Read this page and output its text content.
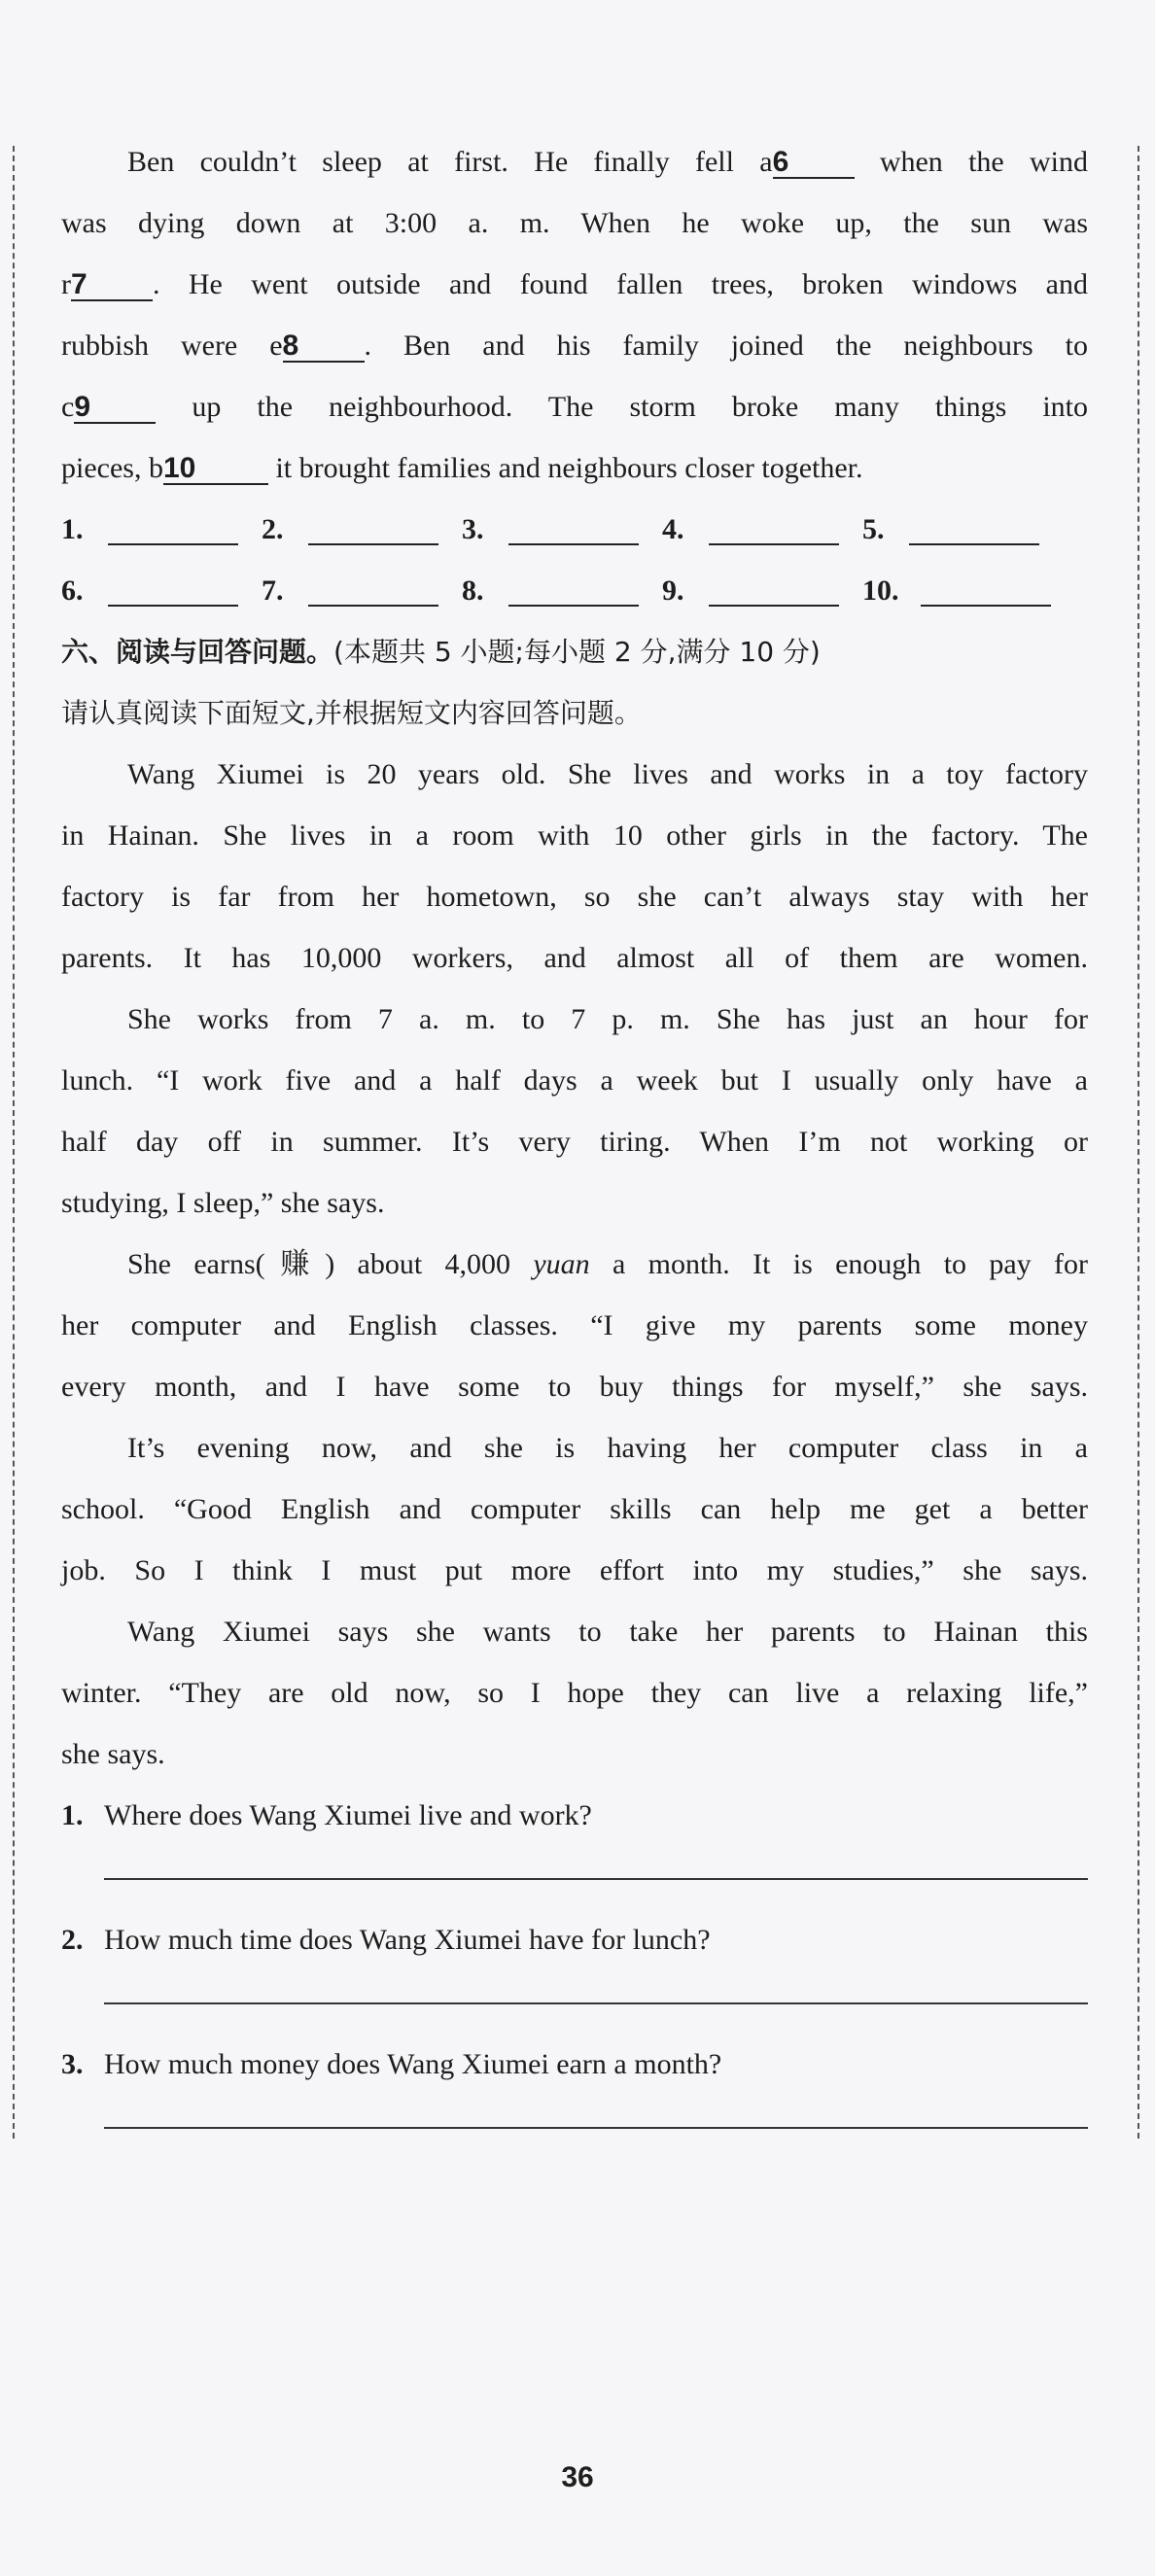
Ben couldn’t sleep at first. He finally fell a6 when the wind
was dying down at 3:00 a. m. When he woke up, the sun was
r7 . He went outside and found fallen trees, broken windows and
rubbish were e8 . Ben and his family joined the neighbours to
c9 up the neighbourhood. The storm broke many things into
pieces, b10 it brought families and neighbours closer together.
1.	2.	3.	4.	5.
6.	7.	8.	9.	10.
六、阅读与回答问题。(本题共 5 小题;每小题 2 分,满分 10 分)
请认真阅读下面短文,并根据短文内容回答问题。
Wang Xiumei is 20 years old. She lives and works in a toy factory
in Hainan. She lives in a room with 10 other girls in the factory. The
factory is far from her hometown, so she can’t always stay with her
parents. It has 10,000 workers, and almost all of them are women.
She works from 7 a. m. to 7 p. m. She has just an hour for
lunch. “I work five and a half days a week but I usually only have a
half day off in summer. It’s very tiring. When I’m not working or
studying, I sleep,” she says.
She earns(赚) about 4,000 yuan a month. It is enough to pay for
her computer and English classes. “I give my parents some money
every month, and I have some to buy things for myself,” she says.
It’s evening now, and she is having her computer class in a
school. “Good English and computer skills can help me get a better
job. So I think I must put more effort into my studies,” she says.
Wang Xiumei says she wants to take her parents to Hainan this
winter. “They are old now, so I hope they can live a relaxing life,”
she says.
1. Where does Wang Xiumei live and work?
2. How much time does Wang Xiumei have for lunch?
3. How much money does Wang Xiumei earn a month?
36
